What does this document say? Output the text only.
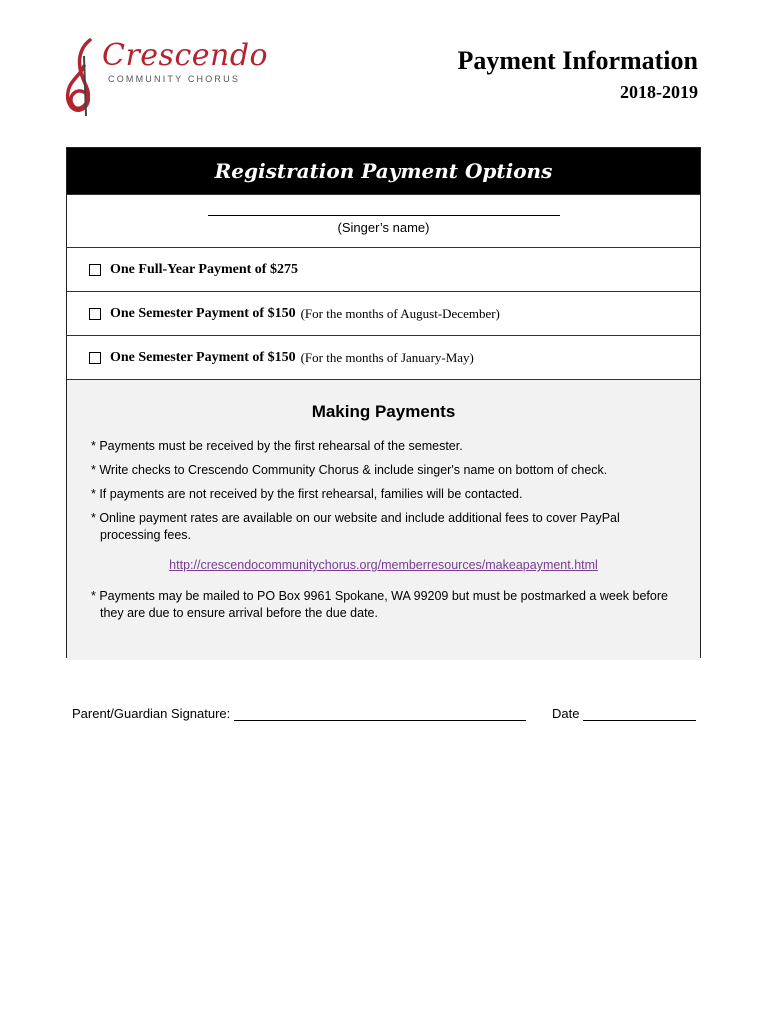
Crescendo
COMMUNITY CHORUS
Payment Information
2018-2019
Registration Payment Options
(Singer’s name)
One Full-Year Payment of $275
One Semester Payment of $150 (For the months of August-December)
One Semester Payment of $150 (For the months of January-May)
Making Payments
* Payments must be received by the first rehearsal of the semester.
* Write checks to Crescendo Community Chorus & include singer's name on bottom of check.
* If payments are not received by the first rehearsal, families will be contacted.
* Online payment rates are available on our website and include additional fees to cover PayPal processing fees.
http://crescendocommunitychorus.org/memberresources/makeapayment.html
* Payments may be mailed to PO Box 9961 Spokane, WA 99209 but must be postmarked a week before they are due to ensure arrival before the due date.
Parent/Guardian Signature:	Date
